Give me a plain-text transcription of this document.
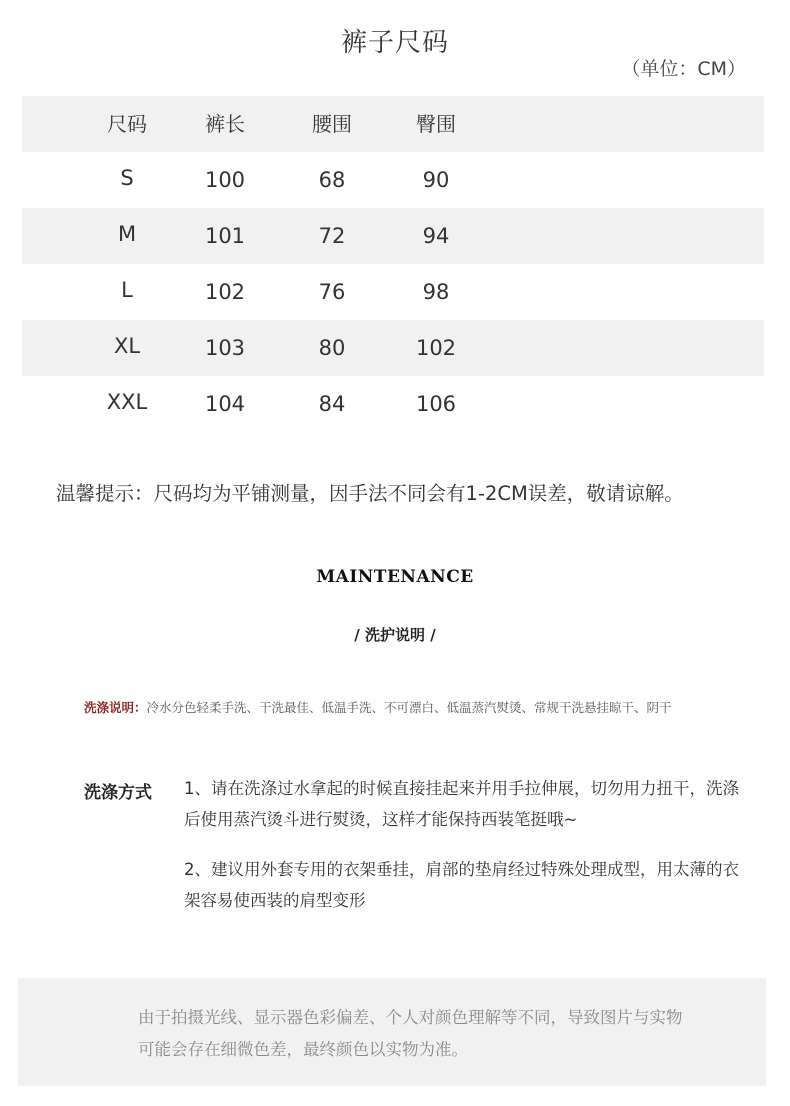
裤子尺码
（单位：CM）
尺码	裤长	腰围	臀围
S	100	68	90
M	101	72	94
L	102	76	98
XL	103	80	102
XXL	104	84	106
温馨提示：尺码均为平铺测量，因手法不同会有1-2CM误差，敬请谅解。
MAINTENANCE
/ 洗护说明 /
洗涤说明：冷水分色轻柔手洗、干洗最佳、低温手洗、不可漂白、低温蒸汽熨烫、常规干洗悬挂晾干、阴干
洗涤方式 1、请在洗涤过水拿起的时候直接挂起来并用手拉伸展，切勿用力扭干，洗涤后使用蒸汽烫斗进行熨烫，这样才能保持西装笔挺哦~
2、建议用外套专用的衣架垂挂，肩部的垫肩经过特殊处理成型，用太薄的衣架容易使西装的肩型变形
由于拍摄光线、显示器色彩偏差、个人对颜色理解等不同，导致图片与实物可能会存在细微色差，最终颜色以实物为准。
